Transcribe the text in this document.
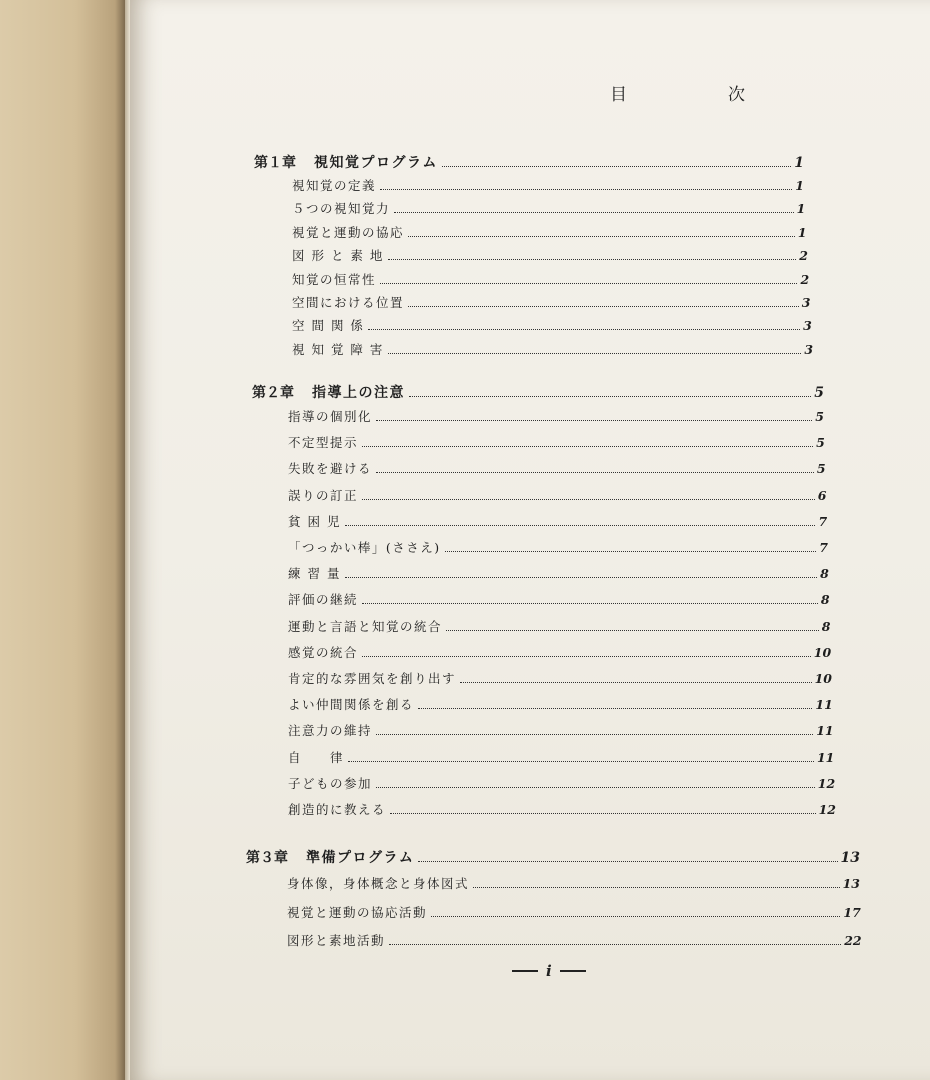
目　次
第１章 視知覚プログラム	1
視知覚の定義	1
５つの視知覚力	1
視覚と運動の協応	1
図 形 と 素 地	2
知覚の恒常性	2
空間における位置	3
空 間 関 係	3
視 知 覚 障 害	3
第２章 指導上の注意	5
指導の個別化	5
不定型提示	5
失敗を避ける	5
誤りの訂正	6
貧 困 児	7
「つっかい棒」(ささえ)	7
練 習 量	8
評価の継続	8
運動と言語と知覚の統合	8
感覚の統合	10
肯定的な雰囲気を創り出す	10
よい仲間関係を創る	11
注意力の維持	11
自　　律	11
子どもの参加	12
創造的に教える	12
第３章 準備プログラム	13
身体像，身体概念と身体図式	13
視覚と運動の協応活動	17
図形と素地活動	22
i
